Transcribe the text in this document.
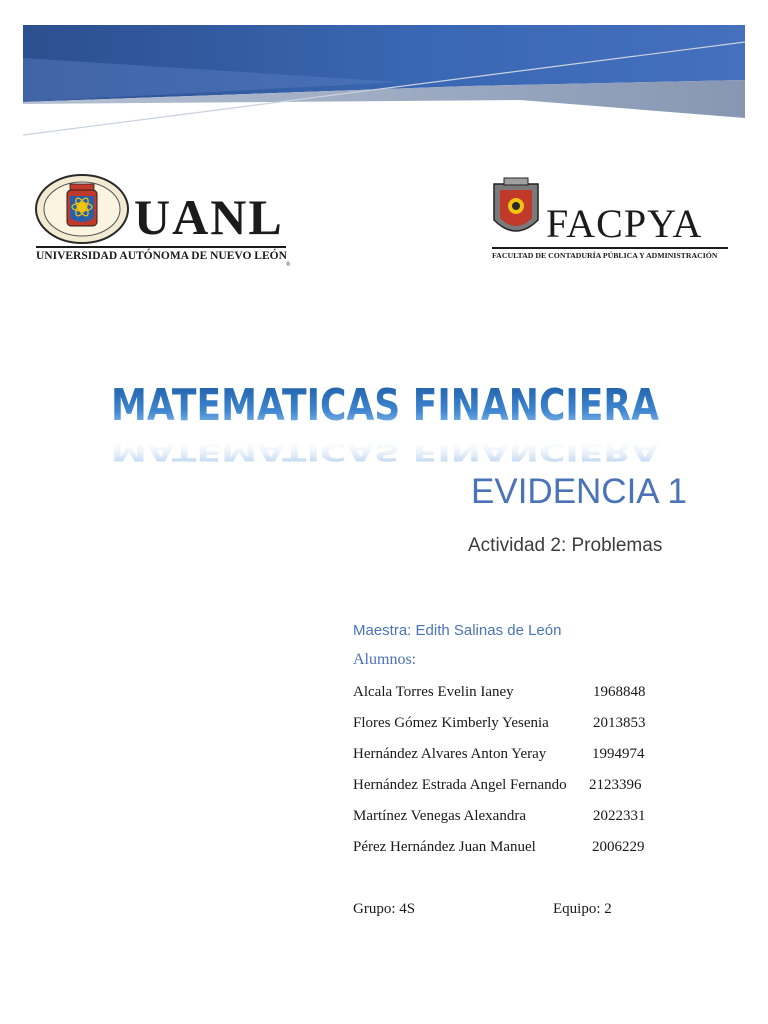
UANL
UNIVERSIDAD AUTÓNOMA DE NUEVO LEÓN
®
FACPYA
FACULTAD DE CONTADURÍA PÚBLICA Y ADMINISTRACIÓN
MATEMATICAS FINANCIERA
MATEMATICAS FINANCIERA
EVIDENCIA 1
Actividad 2: Problemas
Maestra: Edith Salinas de León
Alumnos:
Alcala Torres Evelin Ianey	1968848
Flores Gómez Kimberly Yesenia	2013853
Hernández Alvares Anton Yeray	1994974
Hernández Estrada Angel Fernando 2123396
Martínez Venegas Alexandra	2022331
Pérez Hernández Juan Manuel	2006229
Grupo: 4S	Equipo: 2
